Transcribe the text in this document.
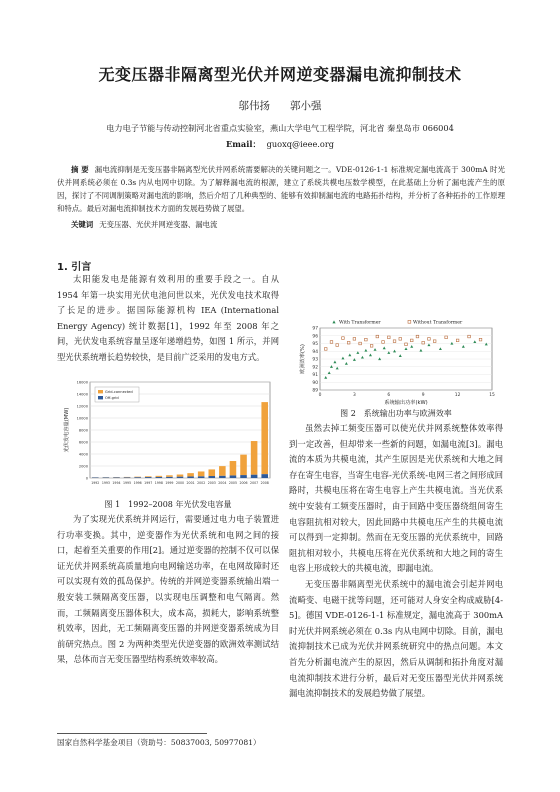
无变压器非隔离型光伏并网逆变器漏电流抑制技术
邬伟扬 郭小强
电力电子节能与传动控制河北省重点实验室，燕山大学电气工程学院，河北省 秦皇岛市 066004
Email： guoxq@ieee.org
摘 要 漏电流抑制是无变压器非隔离型光伏并网系统需要解决的关键问题之一。VDE-0126-1-1 标准规定漏电流高于 300mA 时光伏并网系统必须在 0.3s 内从电网中切除。为了解释漏电流的根源，建立了系统共模电压数学模型，在此基础上分析了漏电流产生的原因，探讨了不同调制策略对漏电流的影响，然后介绍了几种典型的、能够有效抑制漏电流的电路拓扑结构，并分析了各种拓扑的工作原理和特点。最后对漏电流抑制技术方面的发展趋势做了展望。
关键词 无变压器、光伏并网逆变器、漏电流
1. 引言

太阳能发电是能源有效利用的重要手段之一。自从 1954 年第一块实用光伏电池问世以来，光伏发电技术取得了长足的进步。据国际能源机构 IEA (International Energy Agency) 统计数据[1]，1992 年至 2008 年之间，光伏发电系统容量呈逐年递增趋势，如图 1 所示，并网型光伏系统增长趋势较快，是目前广泛采用的发电方式。

0
2000
4000
6000
8000
10000
12000
14000
16000
光伏发电容量(MW)
1992 1993 1994 1995 1996 1997 1998 1999 2000 2001 2002 2003 2004 2005 2006 2007 2008
Grid-connected
Off-grid
图 1　1992–2008 年光伏发电容量

为了实现光伏系统并网运行，需要通过电力电子装置进行功率变换。其中，逆变器作为光伏系统和电网之间的接口，起着至关重要的作用[2]。通过逆变器的控制不仅可以保证光伏并网系统高质量地向电网输送功率，在电网故障时还可以实现有效的孤岛保护。传统的并网逆变器系统输出端一般安装工频隔离变压器，以实现电压调整和电气隔离。然而，工频隔离变压器体积大，成本高，损耗大，影响系统整机效率，因此，无工频隔离变压器的并网逆变器系统成为目前研究热点。图 2 为两种类型光伏逆变器的欧洲效率测试结果，总体而言无变压器型结构系统效率较高。

89
90
91
92
93
94
95
96
97
0	3	6	9	12	15
欧洲效率(%)
系统输出功率(kW)
With Transformer	Without Transformer
图 2　系统输出功率与欧洲效率

虽然去掉工频变压器可以使光伏并网系统整体效率得到一定改善，但却带来一些新的问题，如漏电流[3]。漏电流的本质为共模电流，其产生原因是光伏系统和大地之间存在寄生电容，当寄生电容-光伏系统-电网三者之间形成回路时，共模电压将在寄生电容上产生共模电流。当光伏系统中安装有工频变压器时，由于回路中变压器绕组间寄生电容阻抗相对较大，因此回路中共模电压产生的共模电流可以得到一定抑制。然而在无变压器的光伏系统中，回路阻抗相对较小，共模电压将在光伏系统和大地之间的寄生电容上形成较大的共模电流，即漏电流。

无变压器非隔离型光伏系统中的漏电流会引起并网电流畸变、电磁干扰等问题，还可能对人身安全构成威胁[4-5]。德国 VDE-0126-1-1 标准规定，漏电流高于 300mA 时光伏并网系统必须在 0.3s 内从电网中切除。目前，漏电流抑制技术已成为光伏并网系统研究中的热点问题。本文首先分析漏电流产生的原因，然后从调制和拓扑角度对漏电流抑制技术进行分析，最后对无变压器型光伏并网系统漏电流抑制技术的发展趋势做了展望。

国家自然科学基金项目（资助号：50837003, 50977081）
